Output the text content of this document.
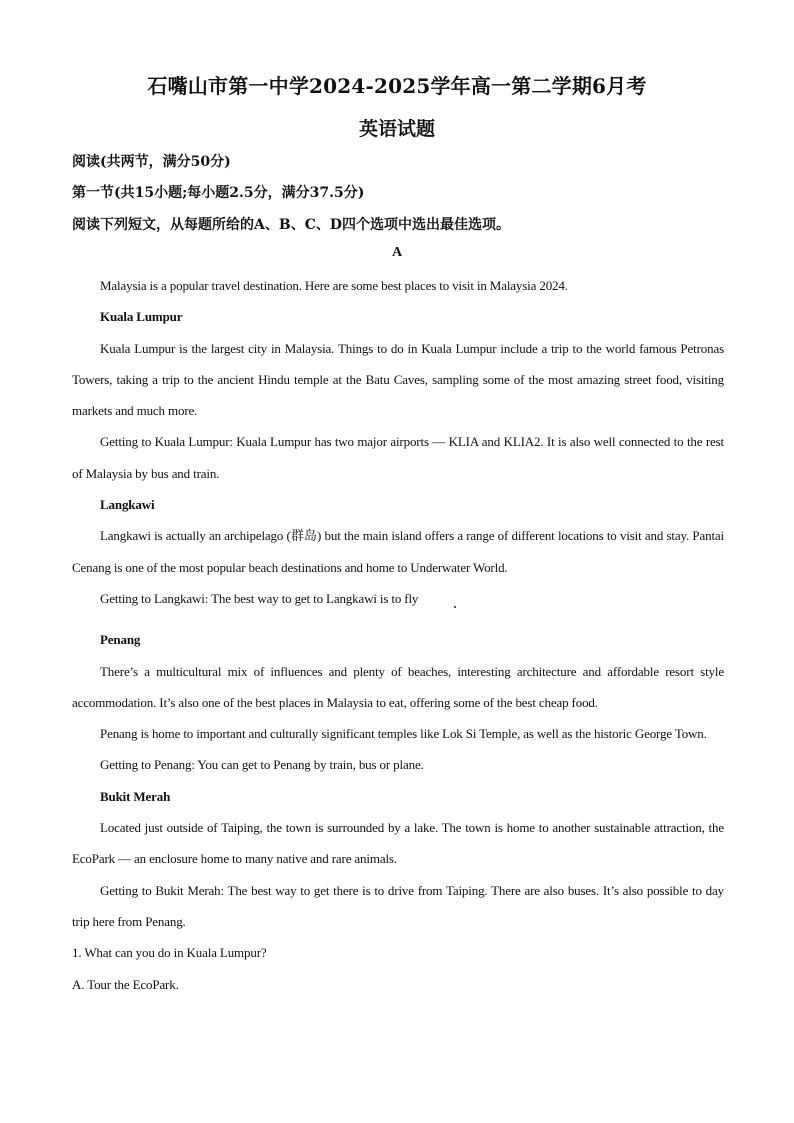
石嘴山市第一中学2024-2025学年高一第二学期6月考
英语试题
阅读(共两节，满分50分)
第一节(共15小题;每小题2.5分，满分37.5分)
阅读下列短文，从每题所给的A、B、C、D四个选项中选出最佳选项。
A

Malaysia is a popular travel destination. Here are some best places to visit in Malaysia 2024.

Kuala Lumpur

Kuala Lumpur is the largest city in Malaysia. Things to do in Kuala Lumpur include a trip to the world famous Petronas Towers, taking a trip to the ancient Hindu temple at the Batu Caves, sampling some of the most amazing street food, visiting markets and much more.

Getting to Kuala Lumpur: Kuala Lumpur has two major airports — KLIA and KLIA2. It is also well connected to the rest of Malaysia by bus and train.

Langkawi

Langkawi is actually an archipelago (群岛) but the main island offers a range of different locations to visit and stay. Pantai Cenang is one of the most popular beach destinations and home to Underwater World.

Getting to Langkawi: The best way to get to Langkawi is to fly

Penang

There’s a multicultural mix of influences and plenty of beaches, interesting architecture and affordable resort style accommodation. It’s also one of the best places in Malaysia to eat, offering some of the best cheap food.

Penang is home to important and culturally significant temples like Lok Si Temple, as well as the historic George Town.

Getting to Penang: You can get to Penang by train, bus or plane.

Bukit Merah

Located just outside of Taiping, the town is surrounded by a lake. The town is home to another sustainable attraction, the EcoPark — an enclosure home to many native and rare animals.

Getting to Bukit Merah: The best way to get there is to drive from Taiping. There are also buses. It’s also possible to day trip here from Penang.

1. What can you do in Kuala Lumpur?
A. Tour the EcoPark.
